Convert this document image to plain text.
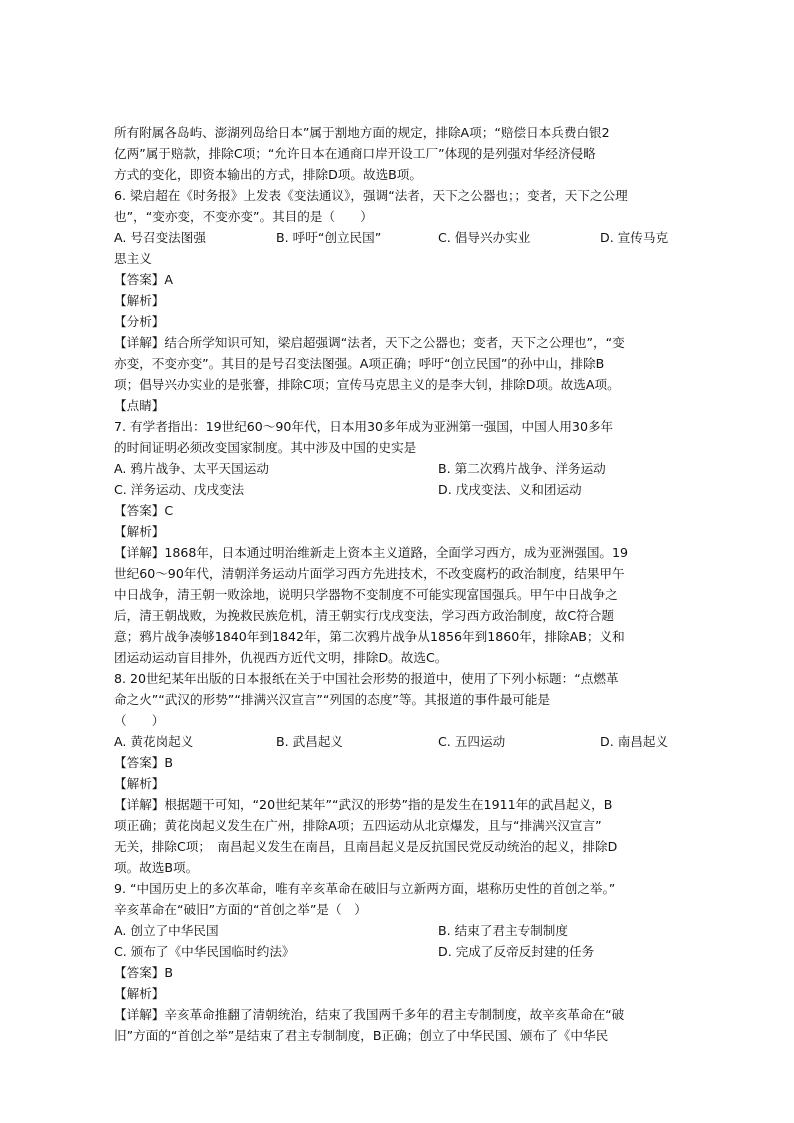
所有附属各岛屿、澎湖列岛给日本”属于割地方面的规定，排除A项；“赔偿日本兵费白银2
亿两”属于赔款，排除C项；“允许日本在通商口岸开设工厂”体现的是列强对华经济侵略
方式的变化，即资本输出的方式，排除D项。故选B项。
6. 梁启超在《时务报》上发表《变法通议》，强调“法者，天下之公器也；；变者，天下之公理
也”，“变亦变，不变亦变”。其目的是（　　）
A. 号召变法图强	B. 呼吁“创立民国”	C. 倡导兴办实业	D. 宣传马克
思主义
【答案】A
【解析】
【分析】
【详解】结合所学知识可知，梁启超强调“法者，天下之公器也；变者，天下之公理也”，“变
亦变，不变亦变”。其目的是号召变法图强。A项正确；呼吁“创立民国”的孙中山，排除B
项；倡导兴办实业的是张謇，排除C项；宣传马克思主义的是李大钊，排除D项。故选A项。
【点睛】
7. 有学者指出：19世纪60～90年代，日本用30多年成为亚洲第一强国，中国人用30多年
的时间证明必须改变国家制度。其中涉及中国的史实是
A. 鸦片战争、太平天国运动	B. 第二次鸦片战争、洋务运动
C. 洋务运动、戊戌变法	D. 戊戌变法、义和团运动
【答案】C
【解析】
【详解】1868年，日本通过明治维新走上资本主义道路，全面学习西方，成为亚洲强国。19
世纪60～90年代，清朝洋务运动片面学习西方先进技术，不改变腐朽的政治制度，结果甲午
中日战争，清王朝一败涂地，说明只学器物不变制度不可能实现富国强兵。甲午中日战争之
后，清王朝战败，为挽救民族危机，清王朝实行戊戌变法，学习西方政治制度，故C符合题
意；鸦片战争凑够1840年到1842年，第二次鸦片战争从1856年到1860年，排除AB；义和
团运动运动盲目排外，仇视西方近代文明，排除D。故选C。
8. 20世纪某年出版的日本报纸在关于中国社会形势的报道中，使用了下列小标题：“点燃革
命之火”“武汉的形势”“排满兴汉宣言”“列国的态度”等。其报道的事件最可能是
（　　）
A. 黄花岗起义	B. 武昌起义	C. 五四运动	D. 南昌起义
【答案】B
【解析】
【详解】根据题干可知，“20世纪某年”“武汉的形势”指的是发生在1911年的武昌起义，B
项正确；黄花岗起义发生在广州，排除A项；五四运动从北京爆发，且与“排满兴汉宣言”
无关，排除C项；　南昌起义发生在南昌，且南昌起义是反抗国民党反动统治的起义，排除D
项。故选B项。
9. “中国历史上的多次革命，唯有辛亥革命在破旧与立新两方面，堪称历史性的首创之举。”
辛亥革命在“破旧”方面的“首创之举”是（　）
A. 创立了中华民国	B. 结束了君主专制制度
C. 颁布了《中华民国临时约法》	D. 完成了反帝反封建的任务
【答案】B
【解析】
【详解】辛亥革命推翻了清朝统治，结束了我国两千多年的君主专制制度，故辛亥革命在“破
旧”方面的“首创之举”是结束了君主专制制度，B正确；创立了中华民国、颁布了《中华民
